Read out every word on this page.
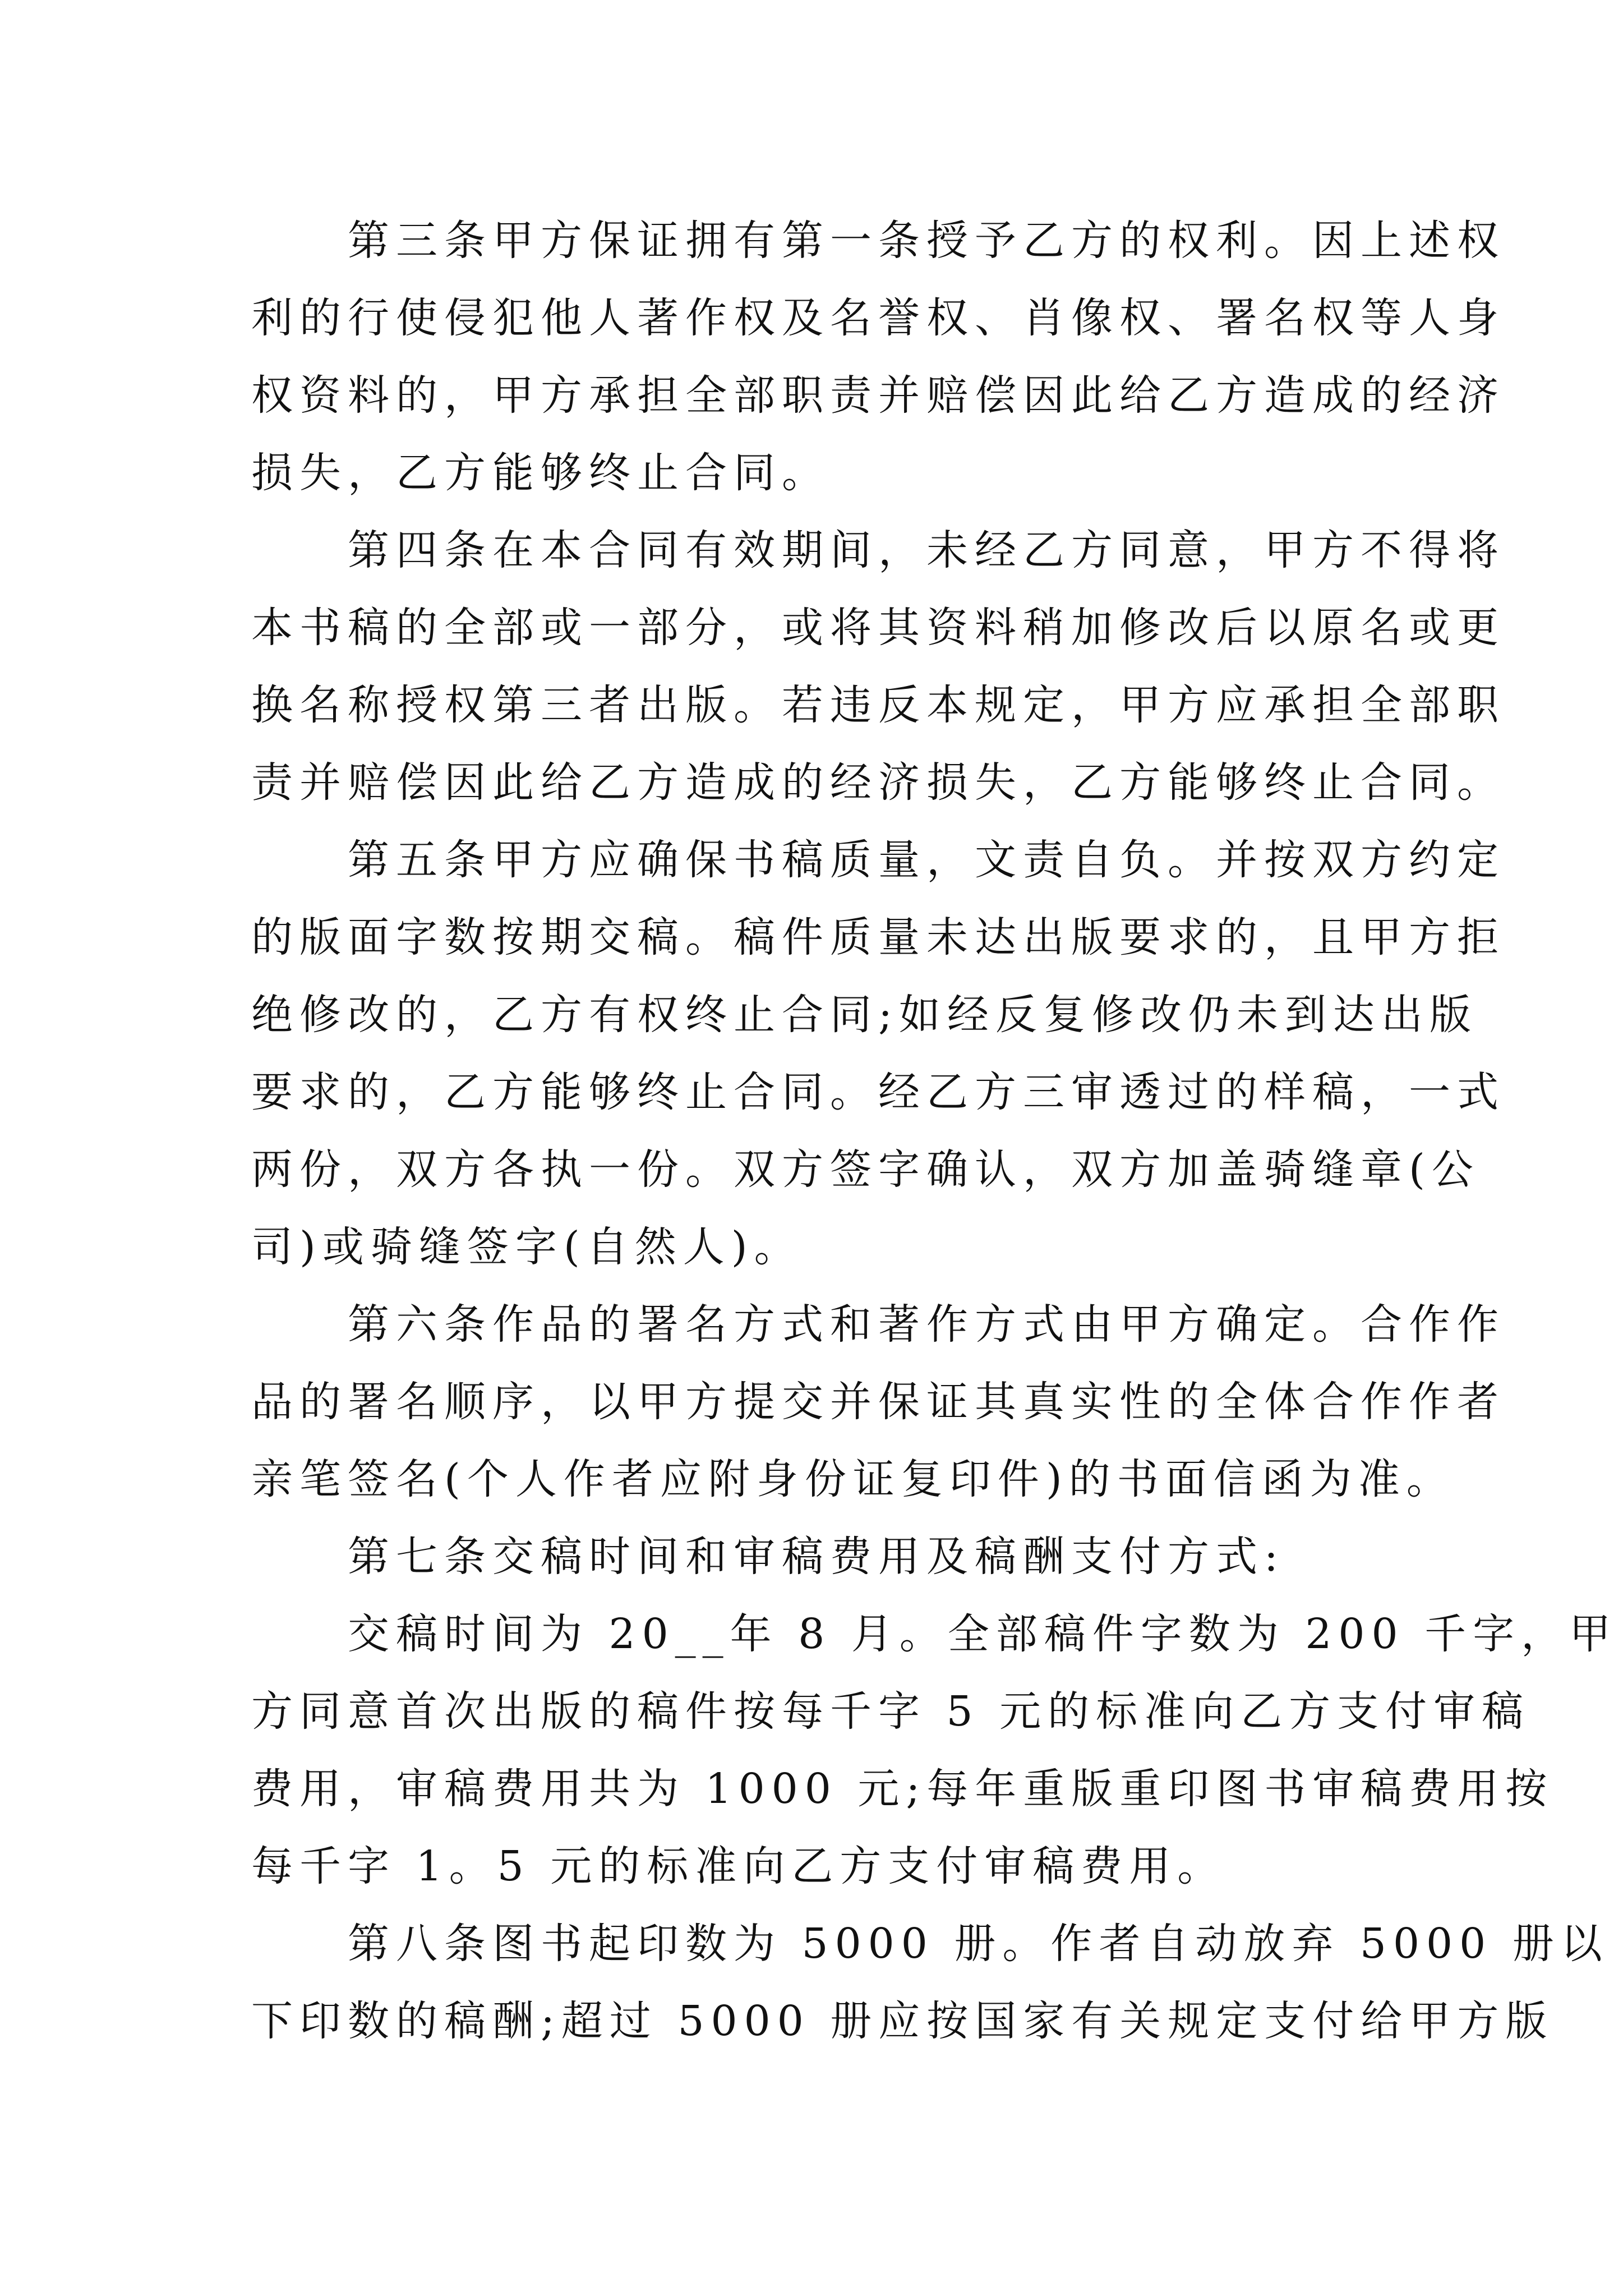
第三条甲方保证拥有第一条授予乙方的权利。因上述权
利的行使侵犯他人著作权及名誉权、肖像权、署名权等人身
权资料的，甲方承担全部职责并赔偿因此给乙方造成的经济
损失，乙方能够终止合同。
第四条在本合同有效期间，未经乙方同意，甲方不得将
本书稿的全部或一部分，或将其资料稍加修改后以原名或更
换名称授权第三者出版。若违反本规定，甲方应承担全部职
责并赔偿因此给乙方造成的经济损失，乙方能够终止合同。
第五条甲方应确保书稿质量，文责自负。并按双方约定
的版面字数按期交稿。稿件质量未达出版要求的，且甲方拒
绝修改的，乙方有权终止合同;如经反复修改仍未到达出版
要求的，乙方能够终止合同。经乙方三审透过的样稿，一式
两份，双方各执一份。双方签字确认，双方加盖骑缝章(公
司)或骑缝签字(自然人)。
第六条作品的署名方式和著作方式由甲方确定。合作作
品的署名顺序，以甲方提交并保证其真实性的全体合作作者
亲笔签名(个人作者应附身份证复印件)的书面信函为准。
第七条交稿时间和审稿费用及稿酬支付方式:
交稿时间为 20__年 8 月。全部稿件字数为 200 千字，甲
方同意首次出版的稿件按每千字 5 元的标准向乙方支付审稿
费用，审稿费用共为 1000 元;每年重版重印图书审稿费用按
每千字 1。5 元的标准向乙方支付审稿费用。
第八条图书起印数为 5000 册。作者自动放弃 5000 册以
下印数的稿酬;超过 5000 册应按国家有关规定支付给甲方版
